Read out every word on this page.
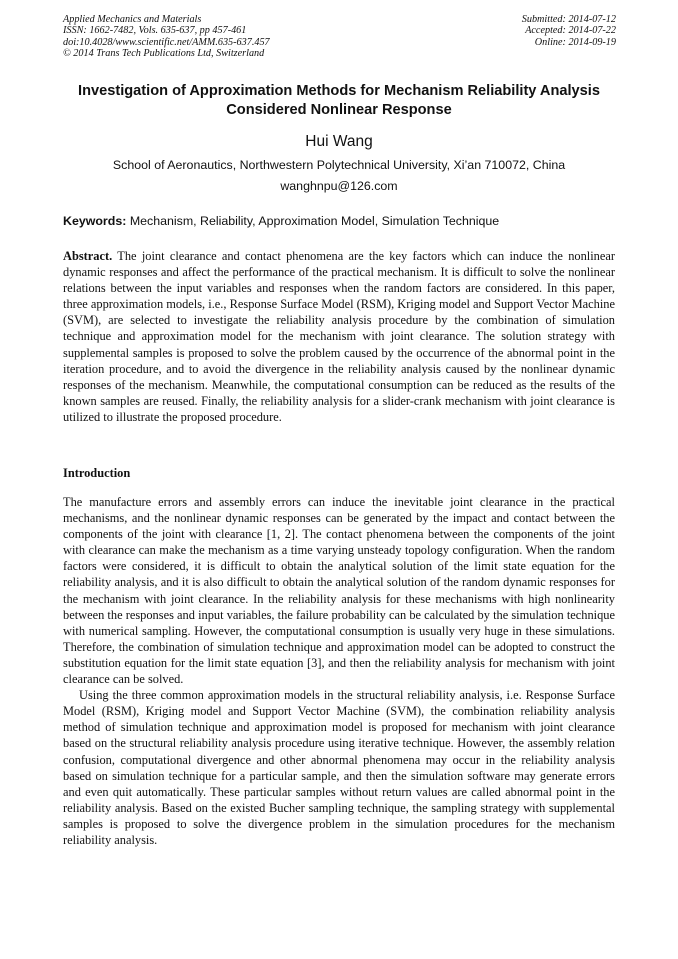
Applied Mechanics and Materials
ISSN: 1662-7482, Vols. 635-637, pp 457-461
doi:10.4028/www.scientific.net/AMM.635-637.457
© 2014 Trans Tech Publications Ltd, Switzerland
Submitted: 2014-07-12
Accepted: 2014-07-22
Online: 2014-09-19
Investigation of Approximation Methods for Mechanism Reliability Analysis Considered Nonlinear Response
Hui Wang
School of Aeronautics, Northwestern Polytechnical University, Xi’an 710072, China
wanghnpu@126.com
Keywords: Mechanism, Reliability, Approximation Model, Simulation Technique

Abstract. The joint clearance and contact phenomena are the key factors which can induce the nonlinear dynamic responses and affect the performance of the practical mechanism. It is difficult to solve the nonlinear relations between the input variables and responses when the random factors are considered. In this paper, three approximation models, i.e., Response Surface Model (RSM), Kriging model and Support Vector Machine (SVM), are selected to investigate the reliability analysis procedure by the combination of simulation technique and approximation model for the mechanism with joint clearance. The solution strategy with supplemental samples is proposed to solve the problem caused by the occurrence of the abnormal point in the iteration procedure, and to avoid the divergence in the reliability analysis caused by the nonlinear dynamic responses of the mechanism. Meanwhile, the computational consumption can be reduced as the results of the known samples are reused. Finally, the reliability analysis for a slider-crank mechanism with joint clearance is utilized to illustrate the proposed procedure.

Introduction

The manufacture errors and assembly errors can induce the inevitable joint clearance in the practical mechanisms, and the nonlinear dynamic responses can be generated by the impact and contact between the components of the joint with clearance [1, 2]. The contact phenomena between the components of the joint with clearance can make the mechanism as a time varying unsteady topology configuration. When the random factors were considered, it is difficult to obtain the analytical solution of the limit state equation for the reliability analysis, and it is also difficult to obtain the analytical solution of the random dynamic responses for the mechanism with joint clearance. In the reliability analysis for these mechanisms with high nonlinearity between the responses and input variables, the failure probability can be calculated by the simulation technique with numerical sampling. However, the computational consumption is usually very huge in these simulations. Therefore, the combination of simulation technique and approximation model can be adopted to construct the substitution equation for the limit state equation [3], and then the reliability analysis for mechanism with joint clearance can be solved.

Using the three common approximation models in the structural reliability analysis, i.e. Response Surface Model (RSM), Kriging model and Support Vector Machine (SVM), the combination reliability analysis method of simulation technique and approximation model is proposed for mechanism with joint clearance based on the structural reliability analysis procedure using iterative technique. However, the assembly relation confusion, computational divergence and other abnormal phenomena may occur in the reliability analysis based on simulation technique for a particular sample, and then the simulation software may generate errors and even quit automatically. These particular samples without return values are called abnormal point in the reliability analysis. Based on the existed Bucher sampling technique, the sampling strategy with supplemental samples is proposed to solve the divergence problem in the simulation procedures for the mechanism reliability analysis.
